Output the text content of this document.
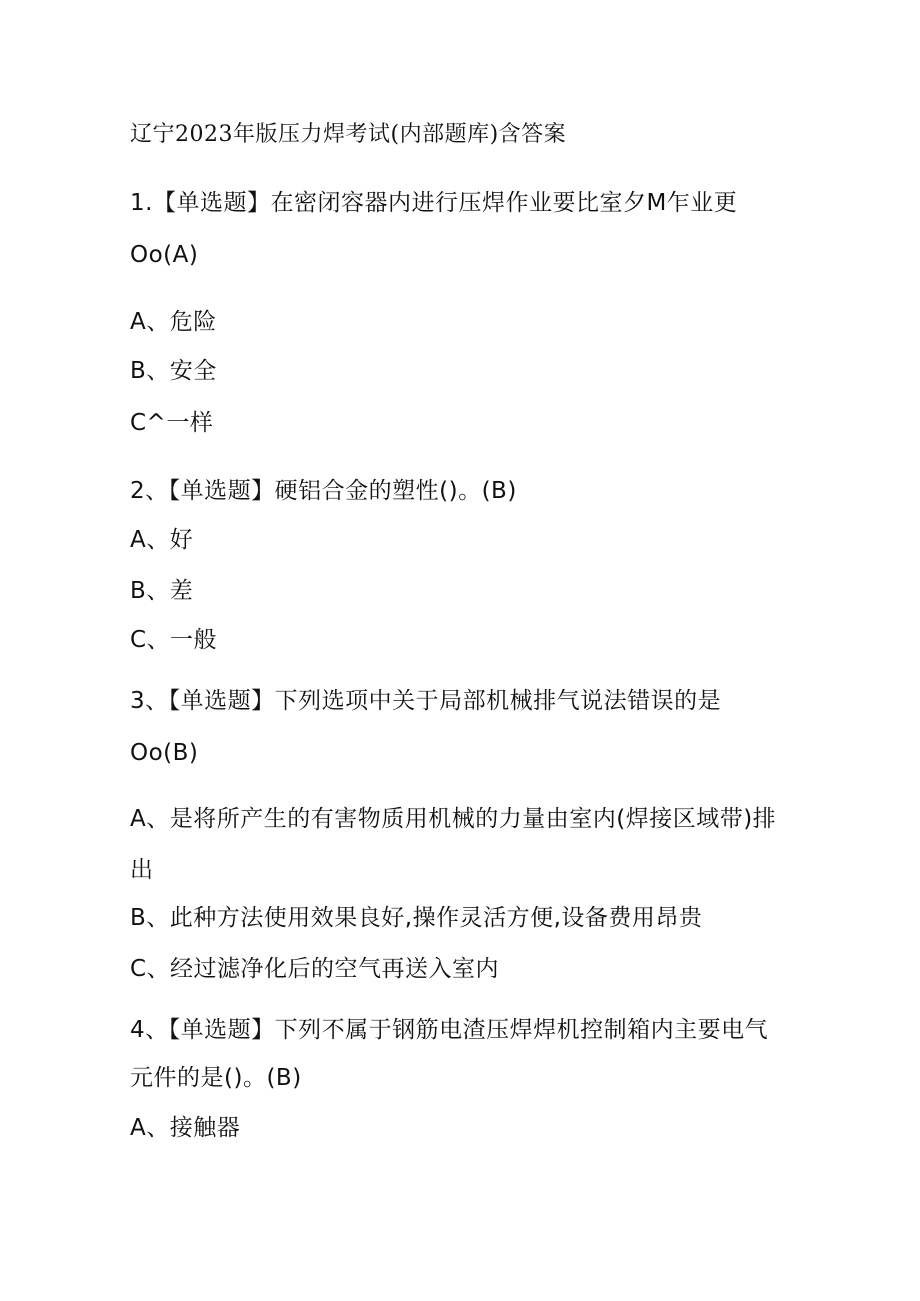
辽宁2023年版压力焊考试(内部题库)含答案
1.【单选题】在密闭容器内进行压焊作业要比室夕M乍业更
Oo(A)
A、危险
B、安全
C^一样
2、【单选题】硬铝合金的塑性()。(B)
A、好
B、差
C、一般
3、【单选题】下列选项中关于局部机械排气说法错误的是
Oo(B)
A、是将所产生的有害物质用机械的力量由室内(焊接区域带)排
出
B、此种方法使用效果良好,操作灵活方便,设备费用昂贵
C、经过滤净化后的空气再送入室内
4、【单选题】下列不属于钢筋电渣压焊焊机控制箱内主要电气
元件的是()。(B)
A、接触器
